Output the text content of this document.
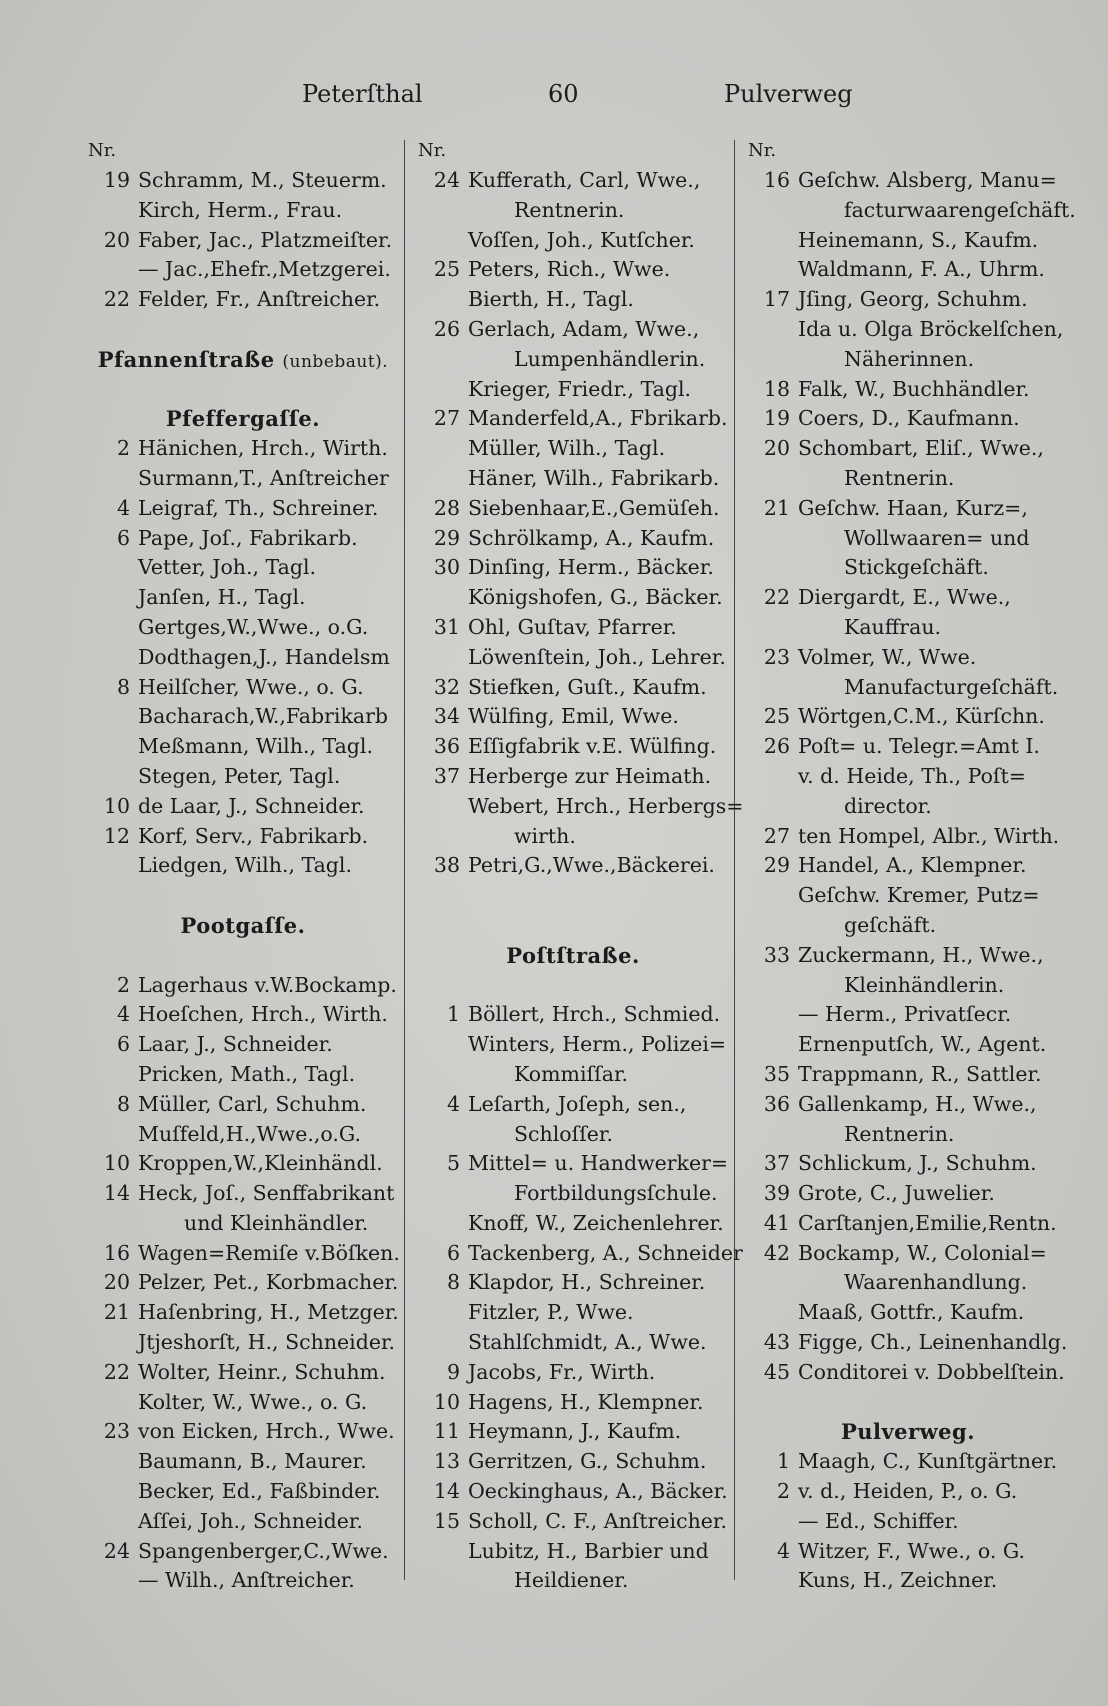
Peterſthal	60	Pulverweg
Nr.
19 Schramm, M., Steuerm.
Kirch, Herm., Frau.
20 Faber, Jac., Platzmeiſter.
— Jac.,Ehefr.,Metzgerei.
22 Felder, Fr., Anſtreicher.
Pfannenſtraße (unbebaut).
Pfeffergaſſe.
2 Hänichen, Hrch., Wirth.
Surmann,T., Anſtreicher
4 Leigraf, Th., Schreiner.
6 Pape, Joſ., Fabrikarb.
Vetter, Joh., Tagl.
Janſen, H., Tagl.
Gertges,W.,Wwe., o.G.
Dodthagen,J., Handelsm
8 Heilſcher, Wwe., o. G.
Bacharach,W.,Fabrikarb
Meßmann, Wilh., Tagl.
Stegen, Peter, Tagl.
10 de Laar, J., Schneider.
12 Korf, Serv., Fabrikarb.
Liedgen, Wilh., Tagl.
Pootgaſſe.
2 Lagerhaus v.W.Bockamp.
4 Hoeſchen, Hrch., Wirth.
6 Laar, J., Schneider.
Pricken, Math., Tagl.
8 Müller, Carl, Schuhm.
Muſfeld,H.,Wwe.,o.G.
10 Kroppen,W.,Kleinhändl.
14 Heck, Joſ., Senffabrikant
und Kleinhändler.
16 Wagen=Remiſe v.Böſken.
20 Pelzer, Pet., Korbmacher.
21 Haſenbring, H., Metzger.
Jtjeshorſt, H., Schneider.
22 Wolter, Heinr., Schuhm.
Kolter, W., Wwe., o. G.
23 von Eicken, Hrch., Wwe.
Baumann, B., Maurer.
Becker, Ed., Faßbinder.
Aſſei, Joh., Schneider.
24 Spangenberger,C.,Wwe.
— Wilh., Anſtreicher.
Nr.
24 Kufferath, Carl, Wwe.,
Rentnerin.
Voſſen, Joh., Kutſcher.
25 Peters, Rich., Wwe.
Bierth, H., Tagl.
26 Gerlach, Adam, Wwe.,
Lumpenhändlerin.
Krieger, Friedr., Tagl.
27 Manderfeld,A., Fbrikarb.
Müller, Wilh., Tagl.
Häner, Wilh., Fabrikarb.
28 Siebenhaar,E.,Gemüſeh.
29 Schrölkamp, A., Kaufm.
30 Dinſing, Herm., Bäcker.
Königshofen, G., Bäcker.
31 Ohl, Guſtav, Pfarrer.
Löwenſtein, Joh., Lehrer.
32 Stiefken, Guſt., Kaufm.
34 Wülfing, Emil, Wwe.
36 Eſſigfabrik v.E. Wülfing.
37 Herberge zur Heimath.
Webert, Hrch., Herbergs=
wirth.
38 Petri,G.,Wwe.,Bäckerei.
Poſtſtraße.
1 Böllert, Hrch., Schmied.
Winters, Herm., Polizei=
Kommiſſar.
4 Leſarth, Joſeph, sen.,
Schloſſer.
5 Mittel= u. Handwerker=
Fortbildungsſchule.
Knoff, W., Zeichenlehrer.
6 Tackenberg, A., Schneider
8 Klapdor, H., Schreiner.
Fitzler, P., Wwe.
Stahlſchmidt, A., Wwe.
9 Jacobs, Fr., Wirth.
10 Hagens, H., Klempner.
11 Heymann, J., Kaufm.
13 Gerritzen, G., Schuhm.
14 Oeckinghaus, A., Bäcker.
15 Scholl, C. F., Anſtreicher.
Lubitz, H., Barbier und
Heildiener.
Nr.
16 Geſchw. Alsberg, Manu=
facturwaarengeſchäft.
Heinemann, S., Kaufm.
Waldmann, F. A., Uhrm.
17 Jſing, Georg, Schuhm.
Ida u. Olga Bröckelſchen,
Näherinnen.
18 Falk, W., Buchhändler.
19 Coers, D., Kaufmann.
20 Schombart, Eliſ., Wwe.,
Rentnerin.
21 Geſchw. Haan, Kurz=,
Wollwaaren= und
Stickgeſchäft.
22 Diergardt, E., Wwe.,
Kauffrau.
23 Volmer, W., Wwe.
Manufacturgeſchäft.
25 Wörtgen,C.M., Kürſchn.
26 Poſt= u. Telegr.=Amt I.
v. d. Heide, Th., Poſt=
director.
27 ten Hompel, Albr., Wirth.
29 Handel, A., Klempner.
Geſchw. Kremer, Putz=
geſchäft.
33 Zuckermann, H., Wwe.,
Kleinhändlerin.
— Herm., Privatſecr.
Ernenputſch, W., Agent.
35 Trappmann, R., Sattler.
36 Gallenkamp, H., Wwe.,
Rentnerin.
37 Schlickum, J., Schuhm.
39 Grote, C., Juwelier.
41 Carſtanjen,Emilie,Rentn.
42 Bockamp, W., Colonial=
Waarenhandlung.
Maaß, Gottfr., Kaufm.
43 Figge, Ch., Leinenhandlg.
45 Conditorei v. Dobbelſtein.
Pulverweg.
1 Maagh, C., Kunſtgärtner.
2 v. d., Heiden, P., o. G.
— Ed., Schiffer.
4 Witzer, F., Wwe., o. G.
Kuns, H., Zeichner.
